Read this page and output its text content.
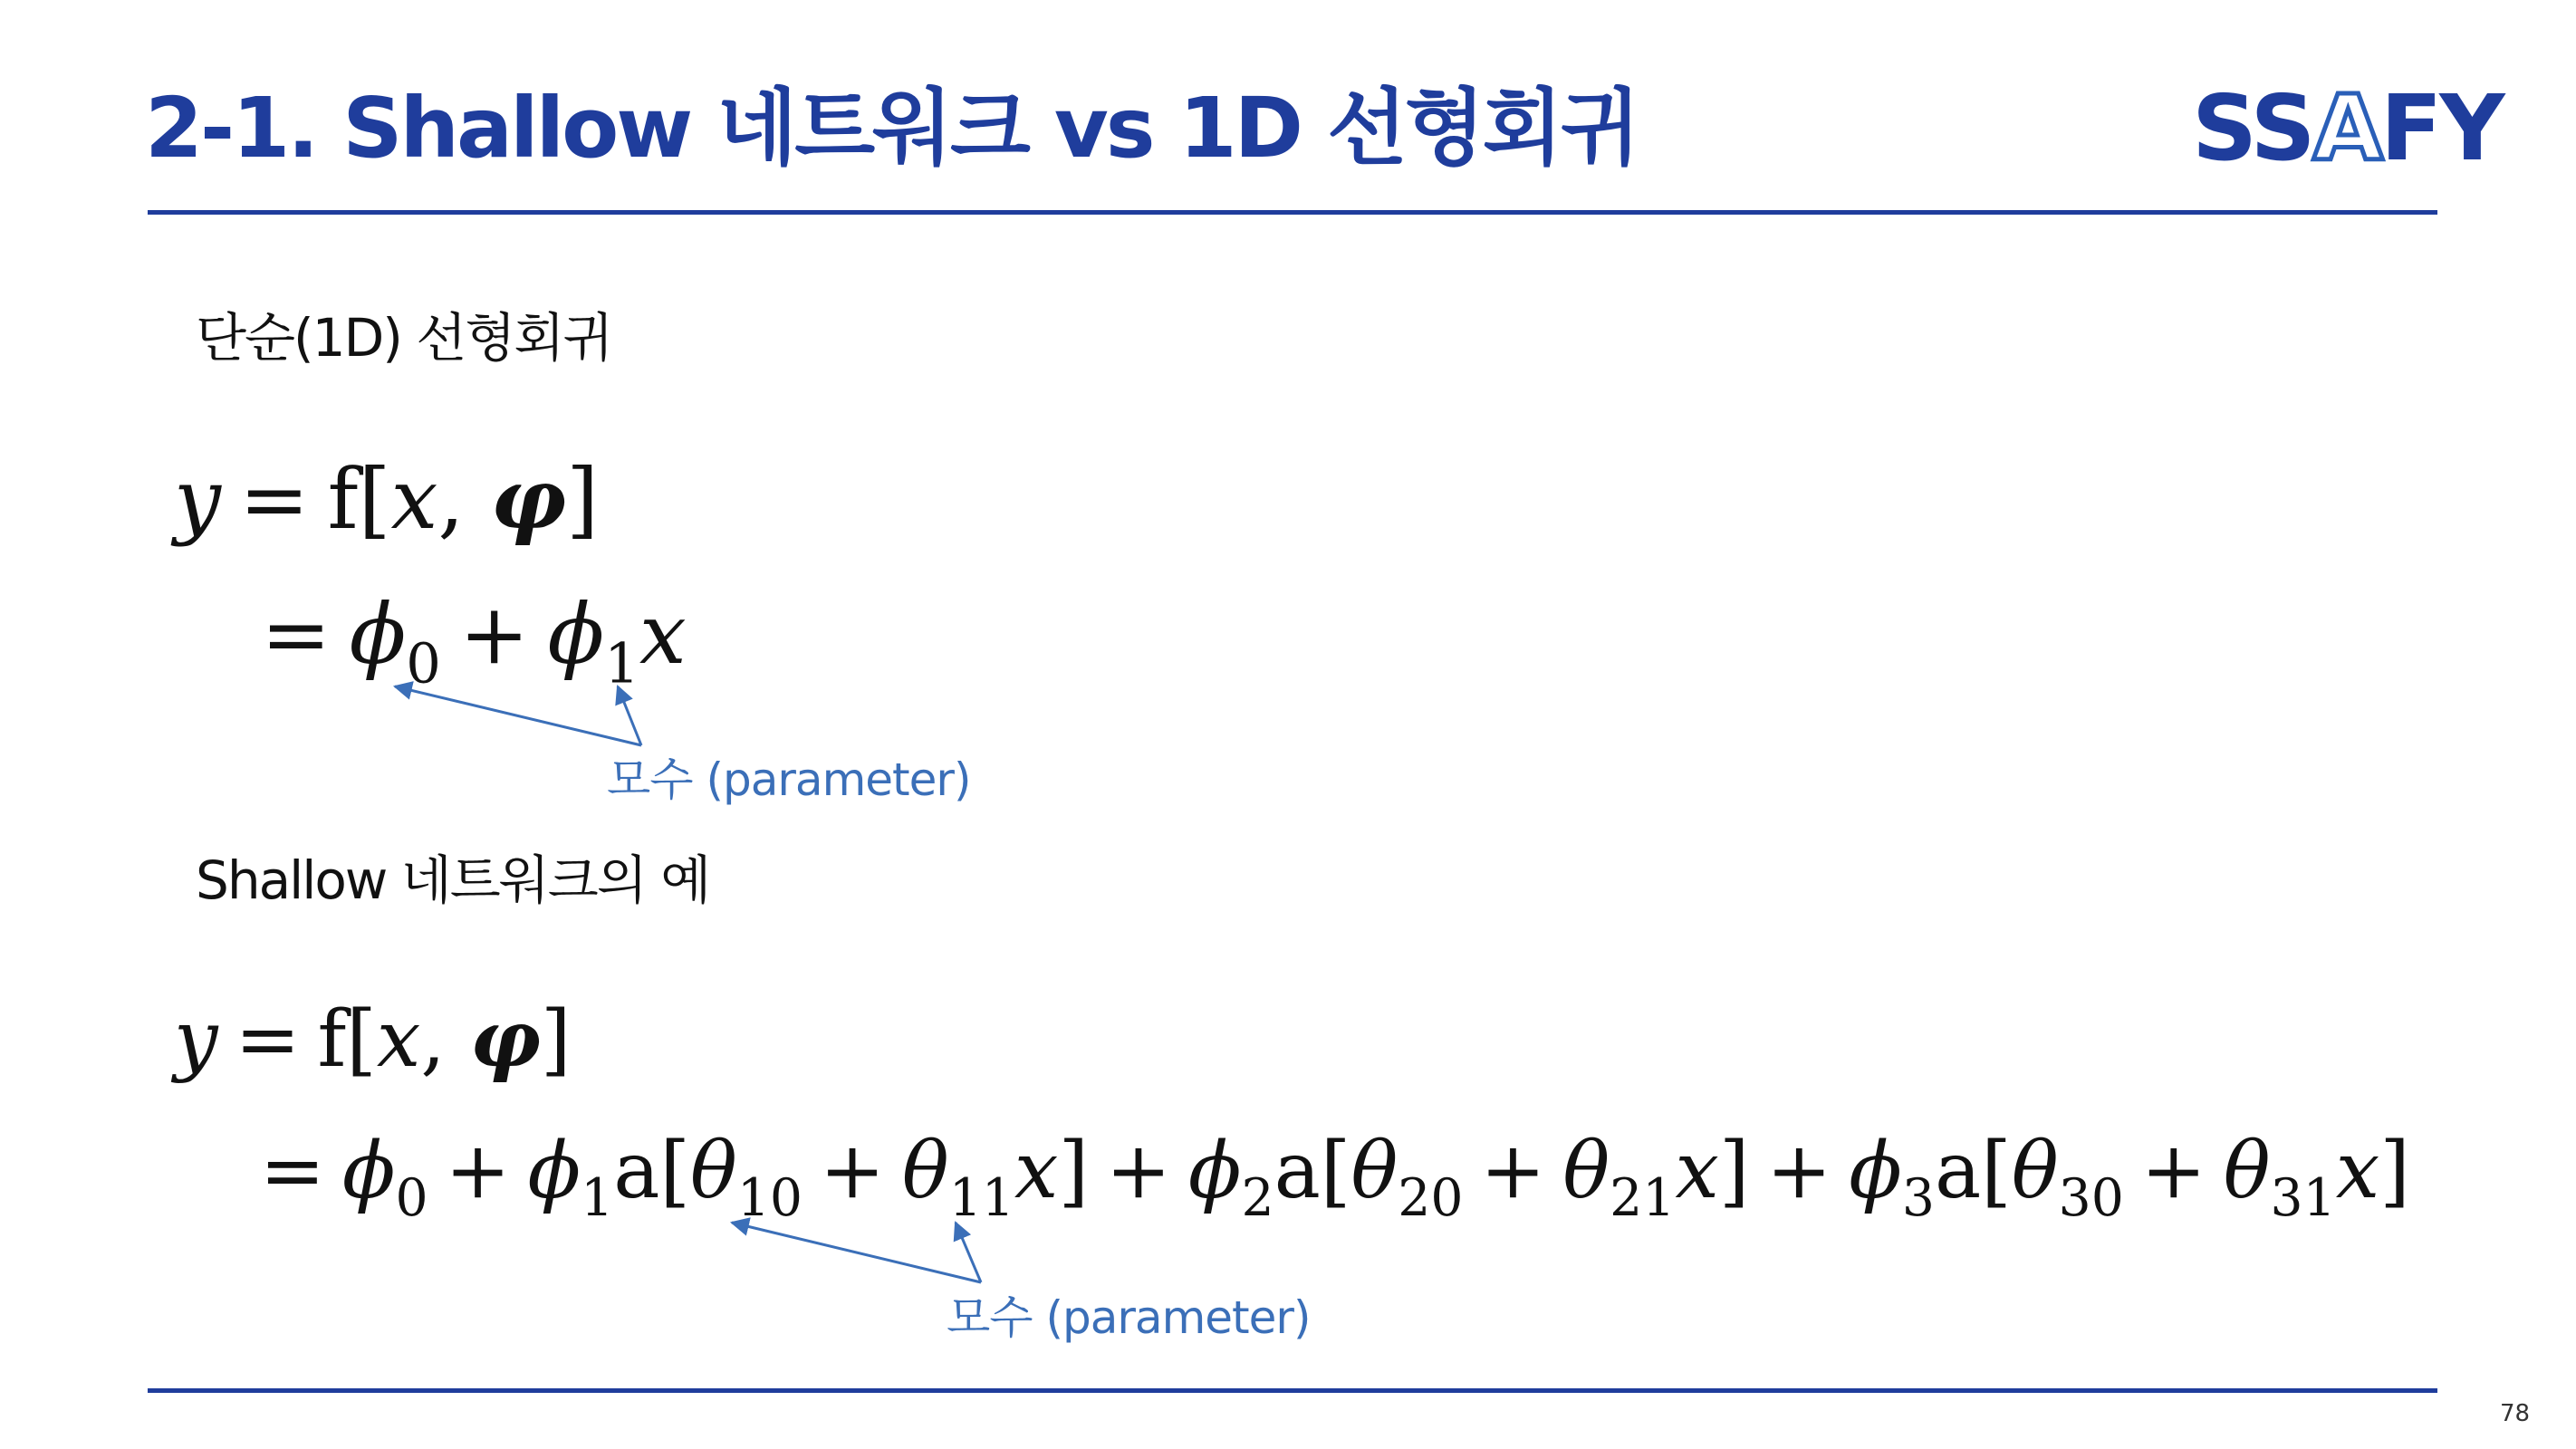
2-1. Shallow 네트워크 vs 1D 선형회귀	SSAFY
단순(1D) 선형회귀
y = f[x, φ]
= $\phi_0 + \phi_1x$
모수 (parameter)
Shallow 네트워크의 예
y = f[x, φ]
= $\phi_0 + \phi_1a[\theta_{10} + \theta_{11}x] + \phi_2a[\theta_{20} + \theta_{21}x] + \phi_3a[\theta_{30} + \theta_{31}x]$
모수 (parameter)
78
